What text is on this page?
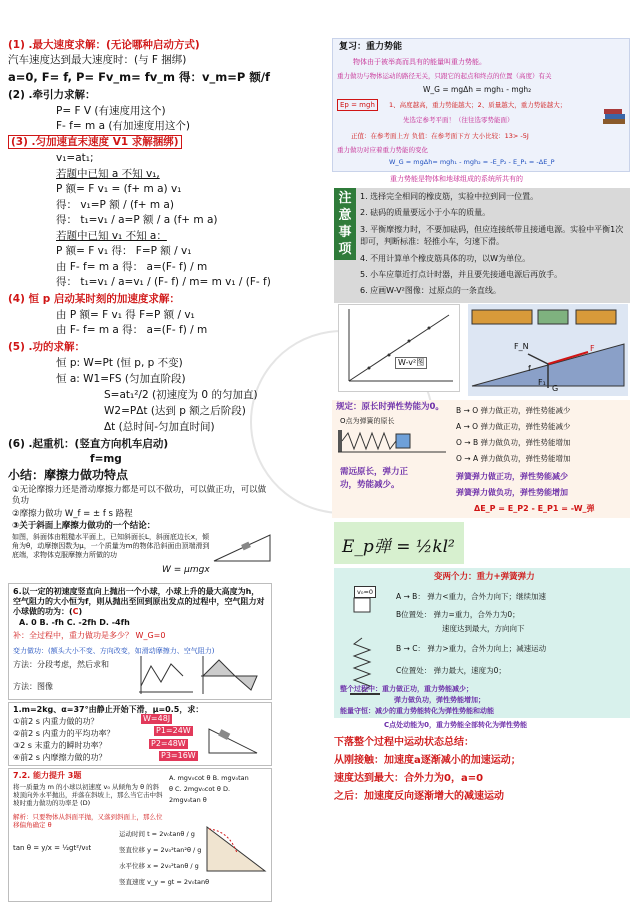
(1) .最大速度求解：(无论哪种启动方式)
汽车速度达到最大速度时：(与 F 捆绑)
a=0, F= f, P= Fv_m= fv_m 得：v_m=P 额/f
(2) .牵引力求解：
P= F V (有速度用这个)
F- f= m a (有加速度用这个)
(3) .匀加速直末速度 V1 求解捆绑)
v₁=at₁;
若题中已知 a 不知 v₁,
P 额= F v₁ = (f+ m a) v₁
得： v₁=P 额 / (f+ m a)
得： t₁=v₁ / a=P 额 / a (f+ m a)
若题中已知 v₁ 不知 a：
P 额= F v₁ 得： F=P 额 / v₁
由 F- f= m a 得： a=(F- f) / m
得： t₁=v₁ / a=v₁ / (F- f) / m= m v₁ / (F- f)
(4) 恒 p 启动某时刻的加速度求解：
由 P 额= F v₁ 得 F=P 额 / v₁
由 F- f= m a 得： a=(F- f) / m
(5) .功的求解：
恒 p: W=Pt (恒 p, p 不变)
恒 a: W1=FS (匀加直阶段)
S=at₁²/2 (初速度为 0 的匀加直)
W2=PΔt (达到 p 额之后阶段)
Δt (总时间-匀加直时间)
(6) .起重机：(竖直方向机车启动)
f=mg
小结：摩擦力做功特点
①无论摩擦力还是滑动摩擦力都是可以不做功，可以做正功，可以做负功
②摩擦力做功 W_f = ± f s 路程
③关于斜面上摩擦力做功的一个结论：
如图，斜面体由粗糙水平面上，已知斜面长L，斜面底边长x，倾角为θ，动摩擦因数为μ，一个质量为m的物体沿斜面由顶端滑到底端，求物体克服摩擦力所做的功
W = μmgx
6.以一定的初速度竖直向上抛出一个小球，小球上升的最大高度为h，空气阻力的大小恒为f，则从抛出至回到原出发点的过程中，空气阻力对小球做的功为：(C)
A. 0 B. -fh C. -2fh D. -4fh
补：全过程中，重力做功是多少？ W_G=0
变力做功：(额头大小不变、方向改变，如滑动摩擦力、空气阻力)
方法：分段考虑，然后求和
方法：图像
1.m=2kg、α=37°由静止开始下滑，μ=0.5，求：
①前2 s 内重力做的功？
②前2 s 内重力的平均功率？
③2 s 末重力的瞬时功率？
④前2 s 内摩擦力做的功？
W=48J
P1=24W
P2=48W
P3=16W
7.2. 能力提升 3题
将一质量为 m 的小球以初速度 v₀ 从倾角为 θ 的斜坡顶向外水平抛出，并落在斜坡上，那么当它击中斜坡时重力做功的功率是 (D)
A. mgv₀cot θ B. mgv₀tan θ C. 2mgv₀cot θ D. 2mgv₀tan θ
解析：只要物体从斜面平抛，又落到斜面上，那么位移偏角确定 θ
tan θ = y/x = ½gt²/v₀t
运动时间 t = 2v₀tanθ / g
竖直位移 y = 2v₀²tan²θ / g
水平位移 x = 2v₀²tanθ / g
竖直速度 v_y = gt = 2v₀tanθ
复习：重力势能
物体由于被举高而具有的能量叫重力势能。
重力做功与物体运动的路径无关，只跟它的起点和终点的位置（高度）有关
W_G = mgΔh = mgh₁ - mgh₂
Ep = mgh	1、高度越高，重力势能越大；2、质量越大，重力势能越大；
先选定参考平面！（往往选零势能面）
正值：在参考面上方 负值：在参考面下方 大小比较：13> -5J
重力做功对应着重力势能的变化
W_G = mgΔh= mgh₁ - mgh₂ = -E_P₂ - E_P₁ = -ΔE_P
重力势能是物体和地球组成的系统所共有的
注意事项
1. 选择完全相同的橡皮筋，实验中拉到同一位置。
2. 砝码的质量要远小于小车的质量。
3. 平衡摩擦力时，不要加砝码，但应连接纸带且接通电源。实验中平衡1次即可，判断标准：轻推小车，匀速下滑。
4. 不用计算单个橡皮筋具体的功，以W为单位。
5. 小车应靠近打点计时器，并且要先接通电源后再放手。
6. 应画W-V²图像：过原点的一条直线。
W-v²图
F_N	F
G
f
F₁
规定：原长时弹性势能为0。
O点为弹簧的原长
需远原长，弹力正功，势能减少。
B → O 弹力做正功，弹性势能减少
A → O 弹力做正功，弹性势能减少
O → B 弹力做负功，弹性势能增加
O → A 弹力做负功，弹性势能增加
弹簧弹力做正功，弹性势能减少
弹簧弹力做负功，弹性势能增加
ΔE_P = E_P2 - E_P1 = -W_弹
E_p弹 = ½kl²
变两个力：重力+弹簧弹力
v₀=0	A → B： 弹力<重力，合外力向下；继续加速
B位置处： 弹力=重力，合外力为0；
速度达到最大，方向向下
B → C： 弹力>重力，合外力向上；减速运动
C位置处： 弹力最大，速度为0；
整个过程中：重力做正功，重力势能减少；
弹力做负功，弹性势能增加；
能量守恒：减少的重力势能转化为弹性势能和动能
C点处动能为0，重力势能全部转化为弹性势能
下落整个过程中运动状态总结：
从刚接触：加速度a逐渐减小的加速运动；
速度达到最大：合外力为0，a=0
之后：加速度反向逐渐增大的减速运动
